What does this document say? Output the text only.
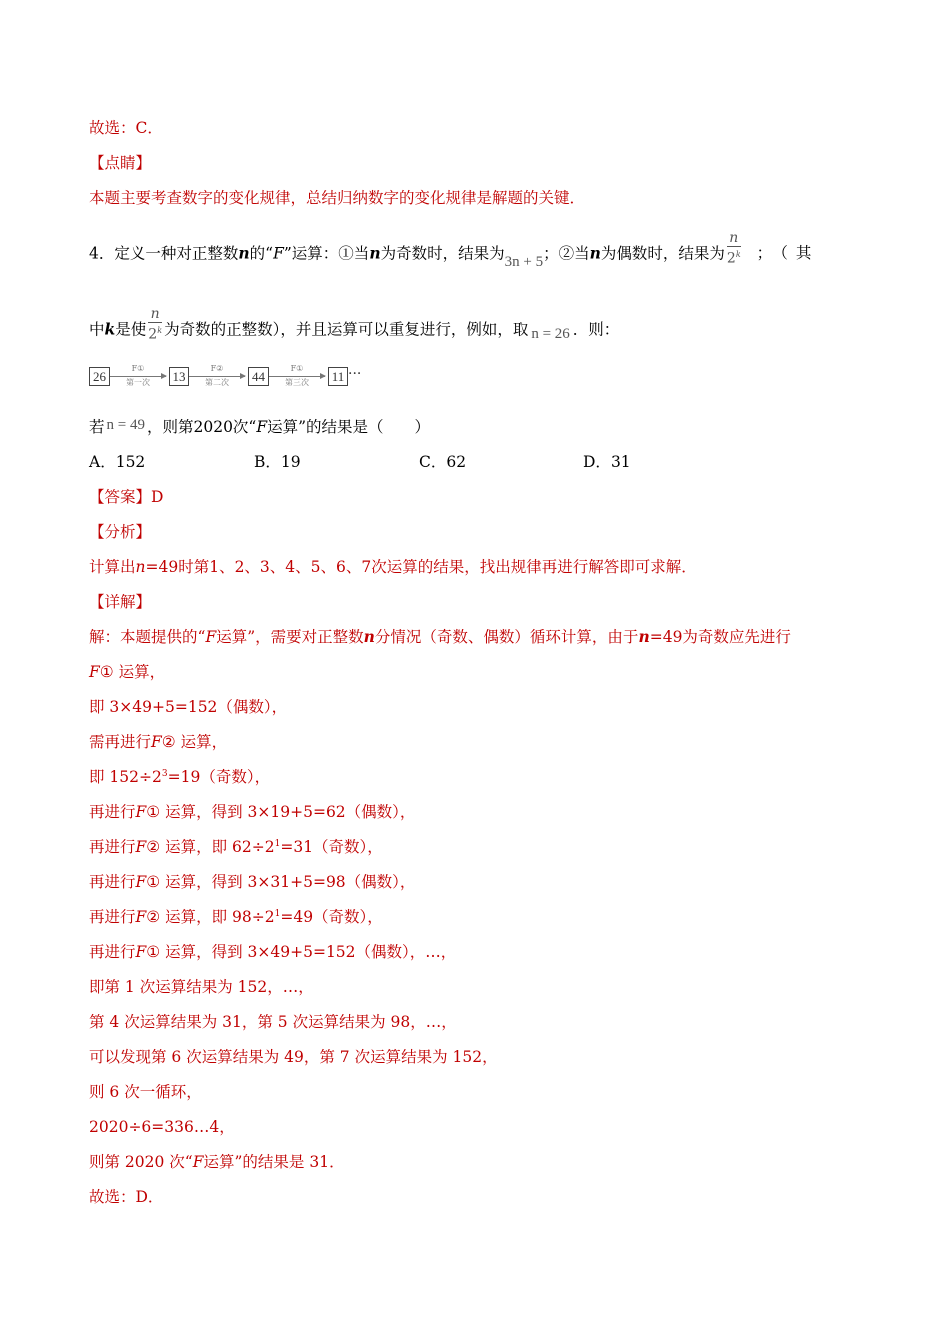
故选：C．
【点睛】
本题主要考查数字的变化规律，总结归纳数字的变化规律是解题的关键．
4．定义一种对正整数n的“F”运算：①当n为奇数时，结果为3n + 5；②当n为偶数时，结果为 $\frac{n}{2^k}$ ；（其
中k是使 $\frac{n}{2^k}$ 为奇数的正整数），并且运算可以重复进行，例如，取 n = 26 ．则：
26
F①
第一次 13
F②
第二次	44
F①
第三次 11 ···
若 n = 49 ，则第2020次“F运算”的结果是（　　）
A．152	B．19	C．62	D．31
【答案】D
【分析】
计算出n=49时第1、2、3、4、5、6、7次运算的结果，找出规律再进行解答即可求解．
【详解】
解：本题提供的“F运算”，需要对正整数n分情况（奇数、偶数）循环计算，由于n=49为奇数应先进行
F① 运算，
即 3×49+5=152（偶数），
需再进行F② 运算，
即 $152\div 2^3=19$（奇数），
再进行F① 运算，得到 3×19+5=62（偶数），
再进行F② 运算，即 $62\div 2^1=31$（奇数），
再进行F① 运算，得到 3×31+5=98（偶数），
再进行F② 运算，即 $98\div 2^1=49$（奇数），
再进行F① 运算，得到 3×49+5=152（偶数），…，
即第 1 次运算结果为 152，…，
第 4 次运算结果为 31，第 5 次运算结果为 98，…，
可以发现第 6 次运算结果为 49，第 7 次运算结果为 152，
则 6 次一循环，
2020÷6=336…4，
则第 2020 次“F运算”的结果是 31．
故选：D．
